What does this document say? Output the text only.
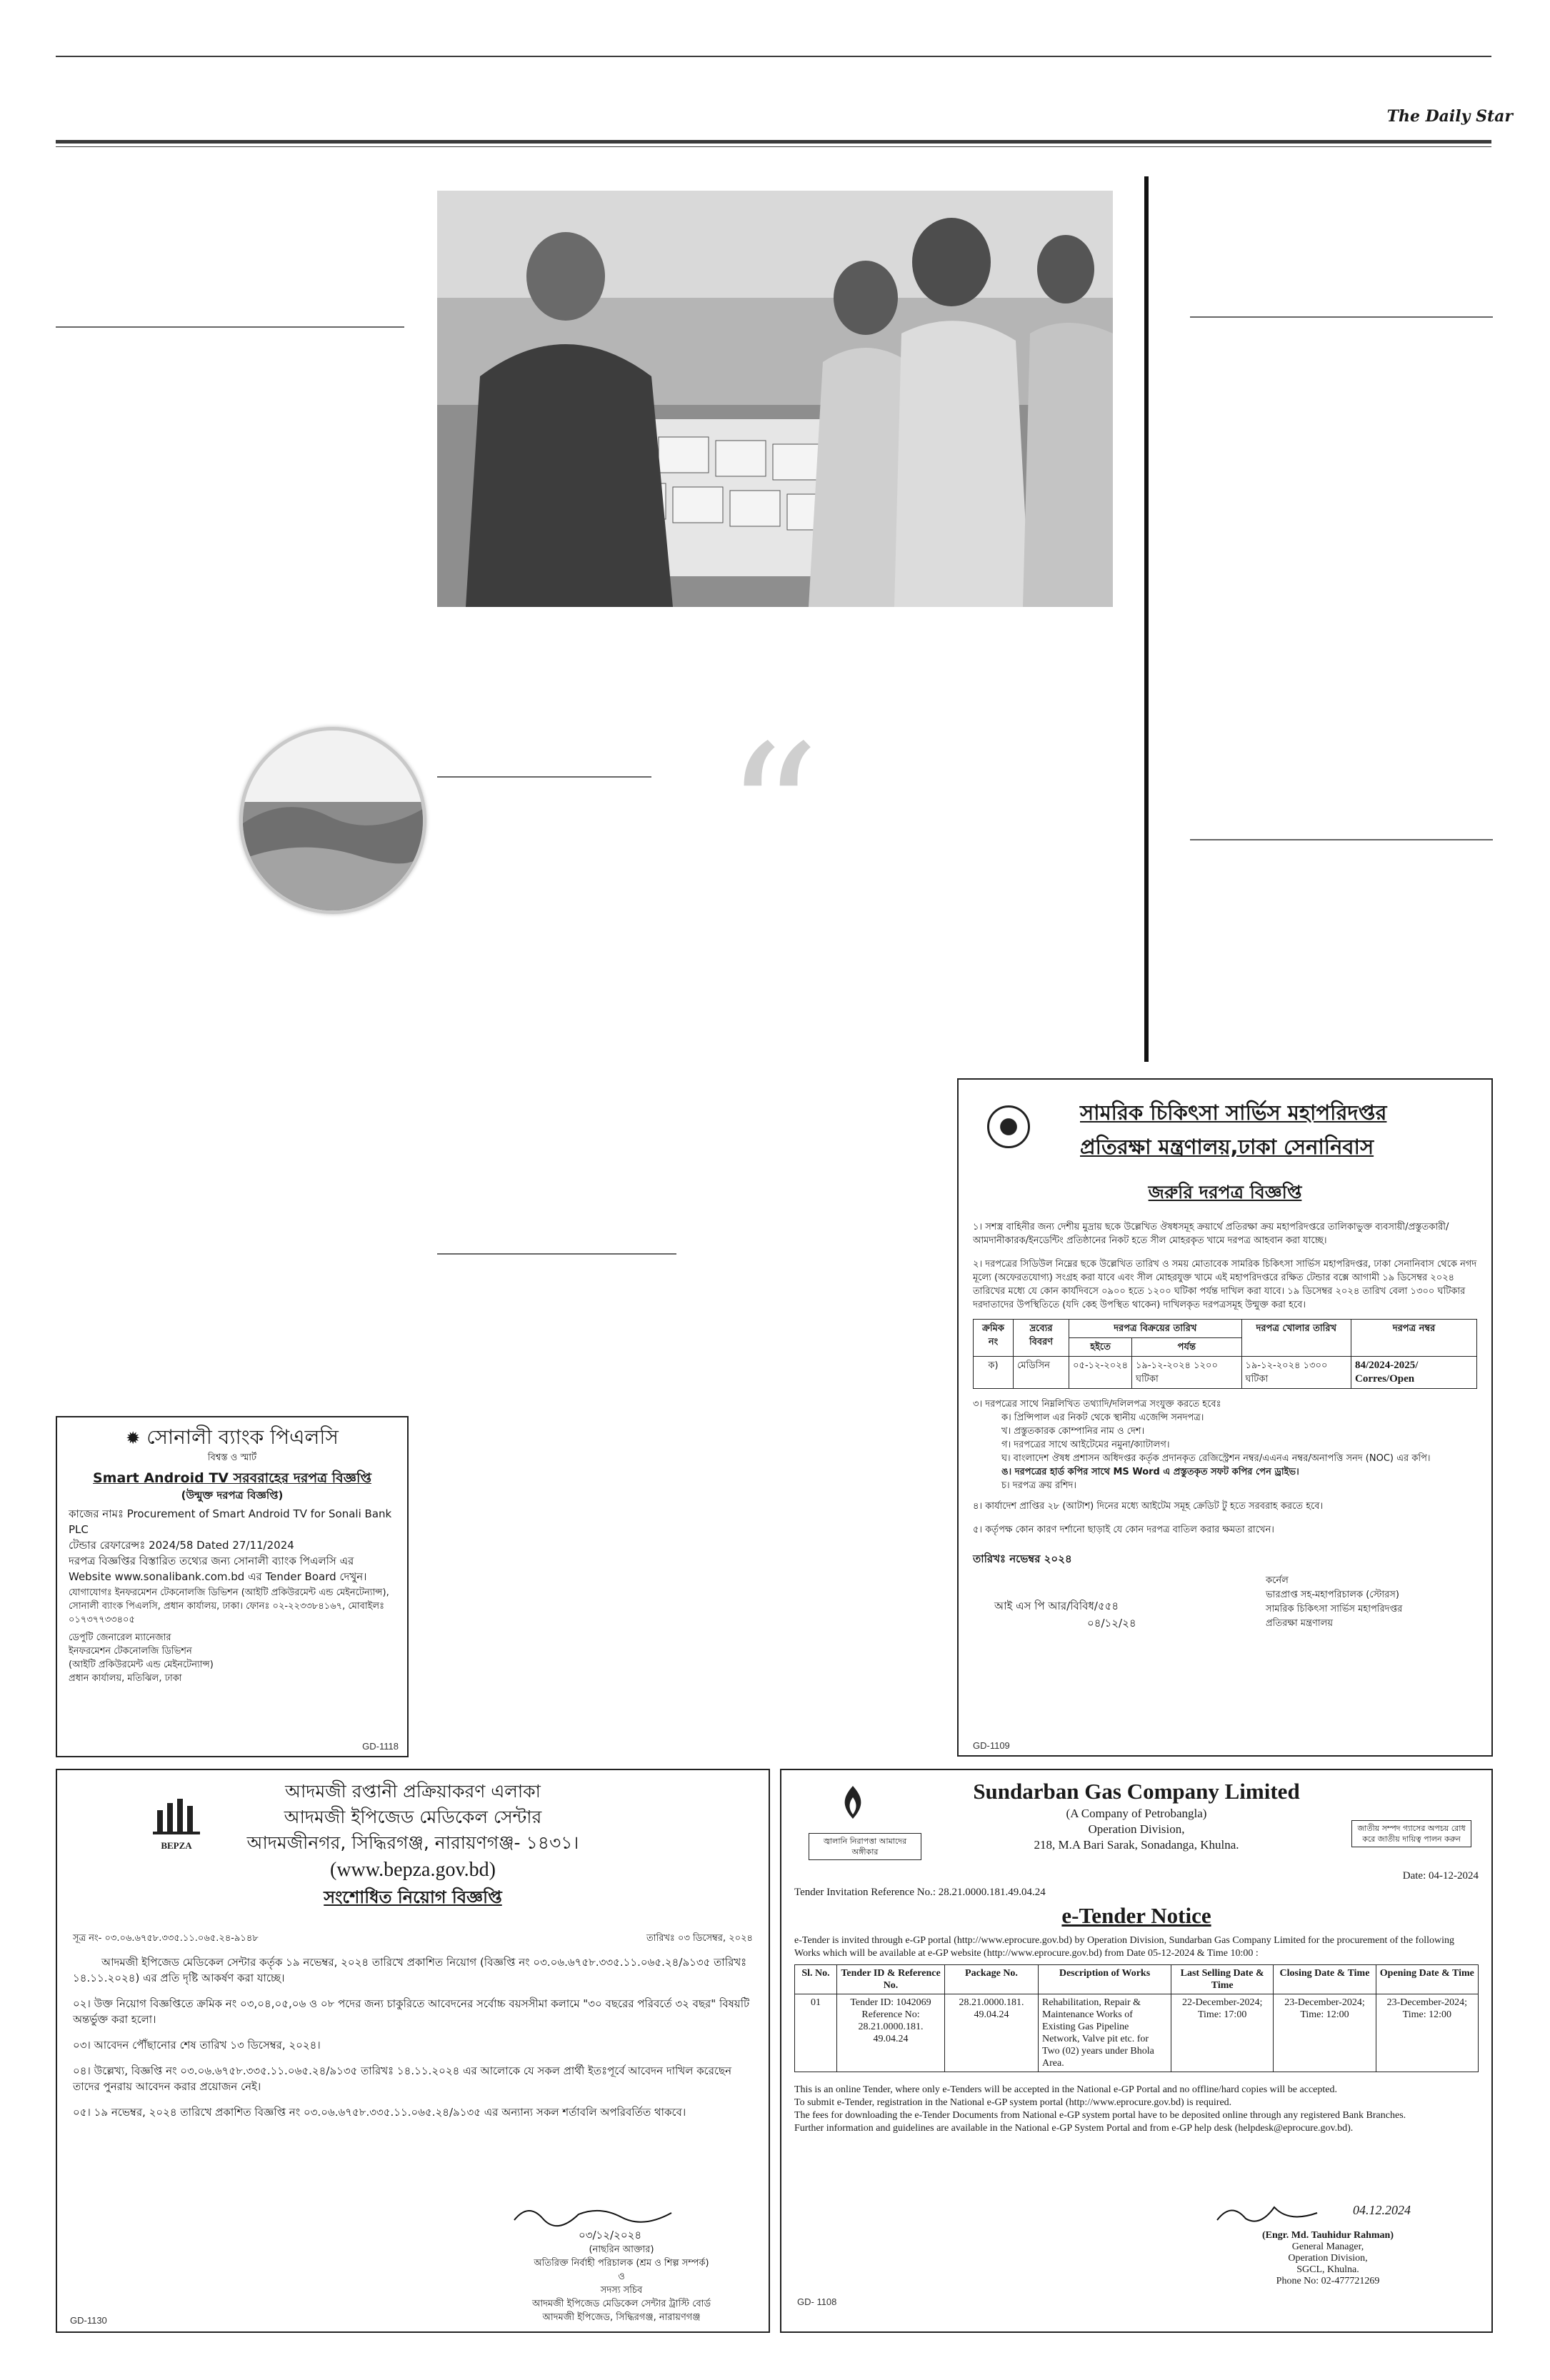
The Daily Star
“
✹ সোনালী ব্যাংক পিএলসি
বিশ্বস্ত ও স্মার্ট
Smart Android TV সরবরাহের দরপত্র বিজ্ঞপ্তি
(উন্মুক্ত দরপত্র বিজ্ঞপ্তি)
কাজের নামঃ Procurement of Smart Android TV for Sonali Bank PLC
টেন্ডার রেফারেন্সঃ 2024/58 Dated 27/11/2024
দরপত্র বিজ্ঞপ্তির বিস্তারিত তথ্যের জন্য সোনালী ব্যাংক পিএলসি এর Website www.sonalibank.com.bd এর Tender Board দেখুন।
যোগাযোগঃ ইনফরমেশন টেকনোলজি ডিভিশন (আইটি প্রকিউরমেন্ট এন্ড মেইনটেন্যান্স), সোনালী ব্যাংক পিএলসি, প্রধান কার্যালয়, ঢাকা। ফোনঃ ০২-২২৩৩৮৪১৬৭, মোবাইলঃ ০১৭৩৭৭৩৩৪০৫
ডেপুটি জেনারেল ম্যানেজার
ইনফরমেশন টেকনোলজি ডিভিশন
(আইটি প্রকিউরমেন্ট এন্ড মেইনটেন্যান্স)
প্রধান কার্যালয়, মতিঝিল, ঢাকা
GD-1118
সামরিক চিকিৎসা সার্ভিস মহাপরিদপ্তর
প্রতিরক্ষা মন্ত্রণালয়,ঢাকা সেনানিবাস
জরুরি দরপত্র বিজ্ঞপ্তি
১। সশস্ত্র বাহিনীর জন্য দেশীয় মুদ্রায় ছকে উল্লেখিত ঔষধসমূহ ক্রয়ার্থে প্রতিরক্ষা ক্রয় মহাপরিদপ্তরে তালিকাভুক্ত ব্যবসায়ী/প্রস্তুতকারী/আমদানীকারক/ইনডেন্টিং প্রতিষ্ঠানের নিকট হতে সীল মোহরকৃত খামে দরপত্র আহবান করা যাচ্ছে।
২। দরপত্রের সিডিউল নিম্নের ছকে উল্লেখিত তারিখ ও সময় মোতাবেক সামরিক চিকিৎসা সার্ভিস মহাপরিদপ্তর, ঢাকা সেনানিবাস থেকে নগদ মূল্যে (অফেরতযোগ্য) সংগ্রহ করা যাবে এবং সীল মোহরযুক্ত খামে এই মহাপরিদপ্তরে রক্ষিত টেন্ডার বক্সে আগামী ১৯ ডিসেম্বর ২০২৪ তারিখের মধ্যে যে কোন কার্যদিবসে ০৯০০ হতে ১২০০ ঘটিকা পর্যন্ত দাখিল করা যাবে। ১৯ ডিসেম্বর ২০২৪ তারিখ বেলা ১৩০০ ঘটিকার দরদাতাদের উপস্থিতিতে (যদি কেহ উপস্থিত থাকেন) দাখিলকৃত দরপত্রসমূহ উন্মুক্ত করা হবে।
ক্রমিক নং	দ্রব্যের বিবরণ	দরপত্র বিক্রয়ের তারিখ		দরপত্র খোলার তারিখ	দরপত্র নম্বর
		হইতে	পর্যন্ত		
ক)	মেডিসিন	০৫-১২-২০২৪	১৯-১২-২০২৪ ১২০০ ঘটিকা	১৯-১২-২০২৪ ১৩০০ ঘটিকা	84/2024-2025/ Corres/Open
৩। দরপত্রের সাথে নিম্নলিখিত তথ্যাদি/দলিলপত্র সংযুক্ত করতে হবেঃ
ক। প্রিন্সিপাল এর নিকট থেকে স্থানীয় এজেন্সি সনদপত্র।
খ। প্রস্তুতকারক কোম্পানির নাম ও দেশ।
গ। দরপত্রের সাথে আইটেমের নমুনা/ক্যাটালগ।
ঘ। বাংলাদেশ ঔষধ প্রশাসন অধিদপ্তর কর্তৃক প্রদানকৃত রেজিস্ট্রেশন নম্বর/এএনএ নম্বর/অনাপত্তি সনদ (NOC) এর কপি।
ঙ। দরপত্রের হার্ড কপির সাথে MS Word এ প্রস্তুতকৃত সফট কপির পেন ড্রাইভ।
চ। দরপত্র ক্রয় রশিদ।
৪। কার্যাদেশ প্রাপ্তির ২৮ (আটাশ) দিনের মধ্যে আইটেম সমূহ ক্রেডিট টু হতে সরবরাহ করতে হবে।
৫। কর্তৃপক্ষ কোন কারণ দর্শানো ছাড়াই যে কোন দরপত্র বাতিল করার ক্ষমতা রাখেন।
তারিখঃ নভেম্বর ২০২৪
আই এস পি আর/বিবিধ/৫৫৪
০৪/১২/২৪
কর্নেল
ভারপ্রাপ্ত সহ-মহাপরিচালক (স্টোরস)
সামরিক চিকিৎসা সার্ভিস মহাপরিদপ্তর
প্রতিরক্ষা মন্ত্রণালয়
GD-1109
BEPZA
আদমজী রপ্তানী প্রক্রিয়াকরণ এলাকা
আদমজী ইপিজেড মেডিকেল সেন্টার
আদমজীনগর, সিদ্ধিরগঞ্জ, নারায়ণগঞ্জ- ১৪৩১।
(www.bepza.gov.bd)
সংশোধিত নিয়োগ বিজ্ঞপ্তি
সূত্র নং- ০৩.০৬.৬৭৫৮.৩৩৫.১১.০৬৫.২৪-৯১৪৮	তারিখঃ ০৩ ডিসেম্বর, ২০২৪
আদমজী ইপিজেড মেডিকেল সেন্টার কর্তৃক ১৯ নভেম্বর, ২০২৪ তারিখে প্রকাশিত নিয়োগ (বিজ্ঞপ্তি নং ০৩.০৬.৬৭৫৮.৩৩৫.১১.০৬৫.২৪/৯১৩৫ তারিখঃ ১৪.১১.২০২৪) এর প্রতি দৃষ্টি আকর্ষণ করা যাচ্ছে।
০২। উক্ত নিয়োগ বিজ্ঞপ্তিতে ক্রমিক নং ০৩,০৪,০৫,০৬ ও ০৮ পদের জন্য চাকুরিতে আবেদনের সর্বোচ্চ বয়সসীমা কলামে "৩০ বছরের পরিবর্তে ৩২ বছর" বিষয়টি অন্তর্ভুক্ত করা হলো।
০৩। আবেদন পৌঁছানোর শেষ তারিখ ১৩ ডিসেম্বর, ২০২৪।
০৪। উল্লেখ্য, বিজ্ঞপ্তি নং ০৩.০৬.৬৭৫৮.৩৩৫.১১.০৬৫.২৪/৯১৩৫ তারিখঃ ১৪.১১.২০২৪ এর আলোকে যে সকল প্রার্থী ইতঃপূর্বে আবেদন দাখিল করেছেন তাদের পুনরায় আবেদন করার প্রয়োজন নেই।
০৫। ১৯ নভেম্বর, ২০২৪ তারিখে প্রকাশিত বিজ্ঞপ্তি নং ০৩.০৬.৬৭৫৮.৩৩৫.১১.০৬৫.২৪/৯১৩৫ এর অন্যান্য সকল শর্তাবলি অপরিবর্তিত থাকবে।
০৩/১২/২০২৪
(নাছরিন আক্তার)
অতিরিক্ত নির্বাহী পরিচালক (শ্রম ও শিল্প সম্পর্ক)
ও
সদস্য সচিব
আদমজী ইপিজেড মেডিকেল সেন্টার ট্রাস্টি বোর্ড
আদমজী ইপিজেড, সিদ্ধিরগঞ্জ, নারায়ণগঞ্জ
GD-1130
জ্বালানি নিরাপত্তা আমাদের অঙ্গীকার
Sundarban Gas Company Limited
(A Company of Petrobangla)
Operation Division,
218, M.A Bari Sarak, Sonadanga, Khulna.
জাতীয় সম্পদ গ্যাসের অপচয় রোধ করে জাতীয় দায়িত্ব পালন করুন
Date: 04-12-2024
Tender Invitation Reference No.: 28.21.0000.181.49.04.24
e-Tender Notice
e-Tender is invited through e-GP portal (http://www.eprocure.gov.bd) by Operation Division, Sundarban Gas Company Limited for the procurement of the following Works which will be available at e-GP website (http://www.eprocure.gov.bd) from Date 05-12-2024 & Time 10:00 :
Sl. No.	Tender ID & Reference No.	Package No.	Description of Works	Last Selling Date & Time	Closing Date & Time	Opening Date & Time
01	Tender ID: 1042069 Reference No: 28.21.0000.181. 49.04.24	28.21.0000.181. 49.04.24	Rehabilitation, Repair & Maintenance Works of Existing Gas Pipeline Network, Valve pit etc. for Two (02) years under Bhola Area.	22-December-2024; Time: 17:00	23-December-2024; Time: 12:00	23-December-2024; Time: 12:00
This is an online Tender, where only e-Tenders will be accepted in the National e-GP Portal and no offline/hard copies will be accepted.
To submit e-Tender, registration in the National e-GP system portal (http://www.eprocure.gov.bd) is required.
The fees for downloading the e-Tender Documents from National e-GP system portal have to be deposited online through any registered Bank Branches.
Further information and guidelines are available in the National e-GP System Portal and from e-GP help desk (helpdesk@eprocure.gov.bd).
04.12.2024
(Engr. Md. Tauhidur Rahman)
General Manager,
Operation Division,
SGCL, Khulna.
Phone No: 02-477721269
GD- 1108
